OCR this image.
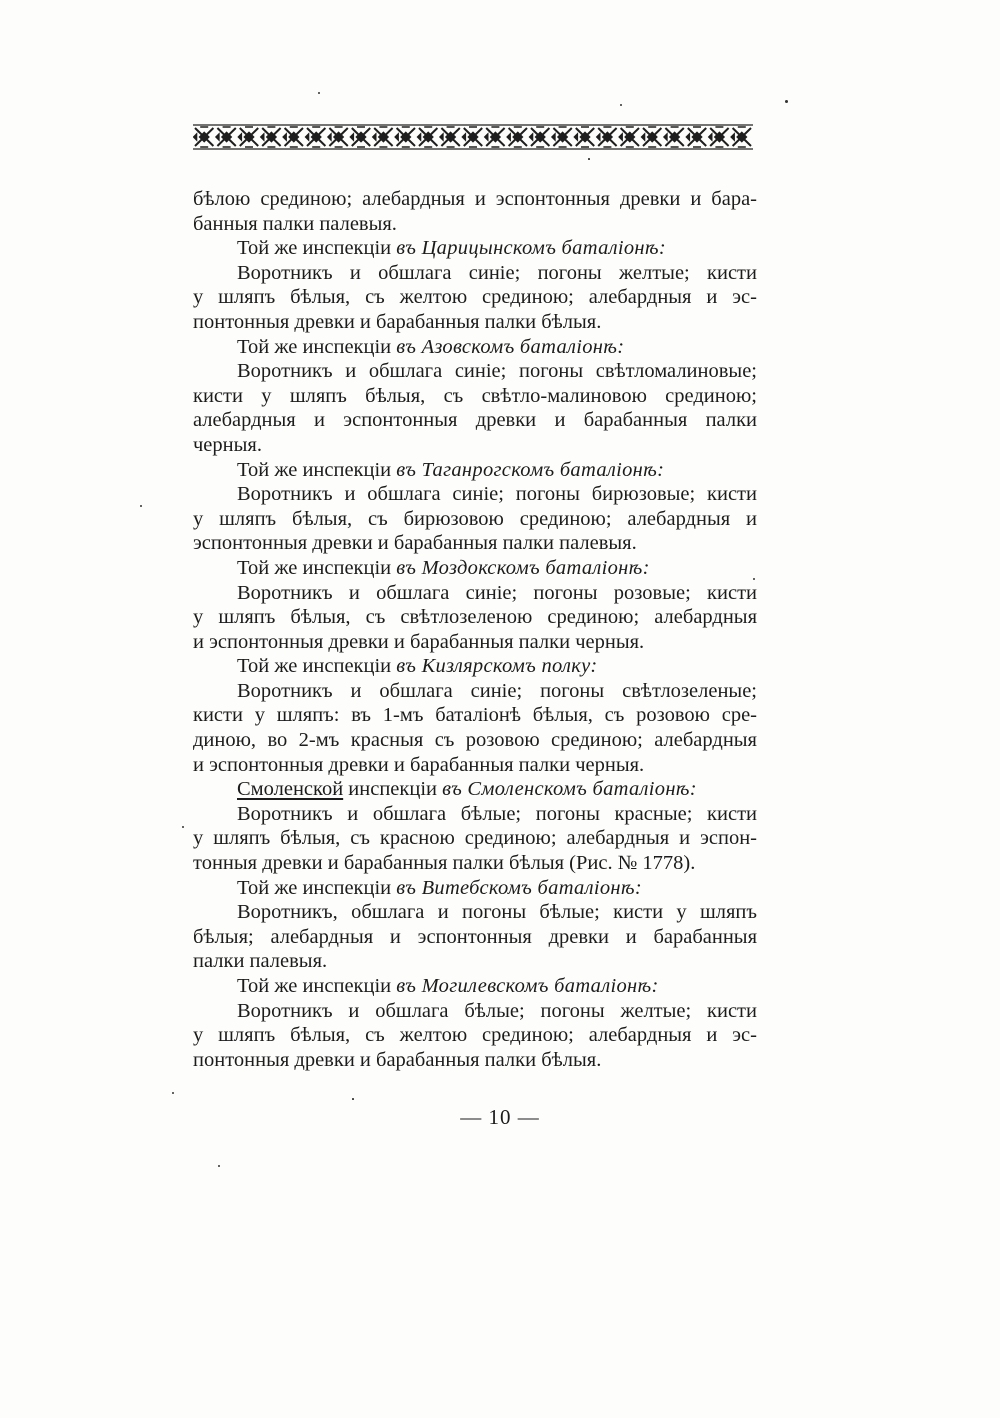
бѣлою срединою; алебардныя и эспонтонныя древки и бара-
банныя палки палевыя.
Той же инспекціи въ Царицынскомъ баталіонѣ:
Воротникъ и обшлага синіе; погоны желтые; кисти
у шляпъ бѣлыя, съ желтою срединою; алебардныя и эс-
понтонныя древки и барабанныя палки бѣлыя.
Той же инспекціи въ Азовскомъ баталіонѣ:
Воротникъ и обшлага синіе; погоны свѣтломалиновые;
кисти у шляпъ бѣлыя, съ свѣтло-малиновою срединою;
алебардныя и эспонтонныя древки и барабанныя палки
черныя.
Той же инспекціи въ Таганрогскомъ баталіонѣ:
Воротникъ и обшлага синіе; погоны бирюзовые; кисти
у шляпъ бѣлыя, съ бирюзовою срединою; алебардныя и
эспонтонныя древки и барабанныя палки палевыя.
Той же инспекціи въ Моздокскомъ баталіонѣ:
Воротникъ и обшлага синіе; погоны розовые; кисти
у шляпъ бѣлыя, съ свѣтлозеленою срединою; алебардныя
и эспонтонныя древки и барабанныя палки черныя.
Той же инспекціи въ Кизлярскомъ полку:
Воротникъ и обшлага синіе; погоны свѣтлозеленые;
кисти у шляпъ: въ 1-мъ баталіонѣ бѣлыя, съ розовою сре-
диною, во 2-мъ красныя съ розовою срединою; алебардныя
и эспонтонныя древки и барабанныя палки черныя.
Смоленской инспекціи въ Смоленскомъ баталіонѣ:
Воротникъ и обшлага бѣлые; погоны красные; кисти
у шляпъ бѣлыя, съ красною срединою; алебардныя и эспон-
тонныя древки и барабанныя палки бѣлыя (Рис. № 1778).
Той же инспекціи въ Витебскомъ баталіонѣ:
Воротникъ, обшлага и погоны бѣлые; кисти у шляпъ
бѣлыя; алебардныя и эспонтонныя древки и барабанныя
палки палевыя.
Той же инспекціи въ Могилевскомъ баталіонѣ:
Воротникъ и обшлага бѣлые; погоны желтые; кисти
у шляпъ бѣлыя, съ желтою срединою; алебардныя и эс-
понтонныя древки и барабанныя палки бѣлыя.
— 10 —
